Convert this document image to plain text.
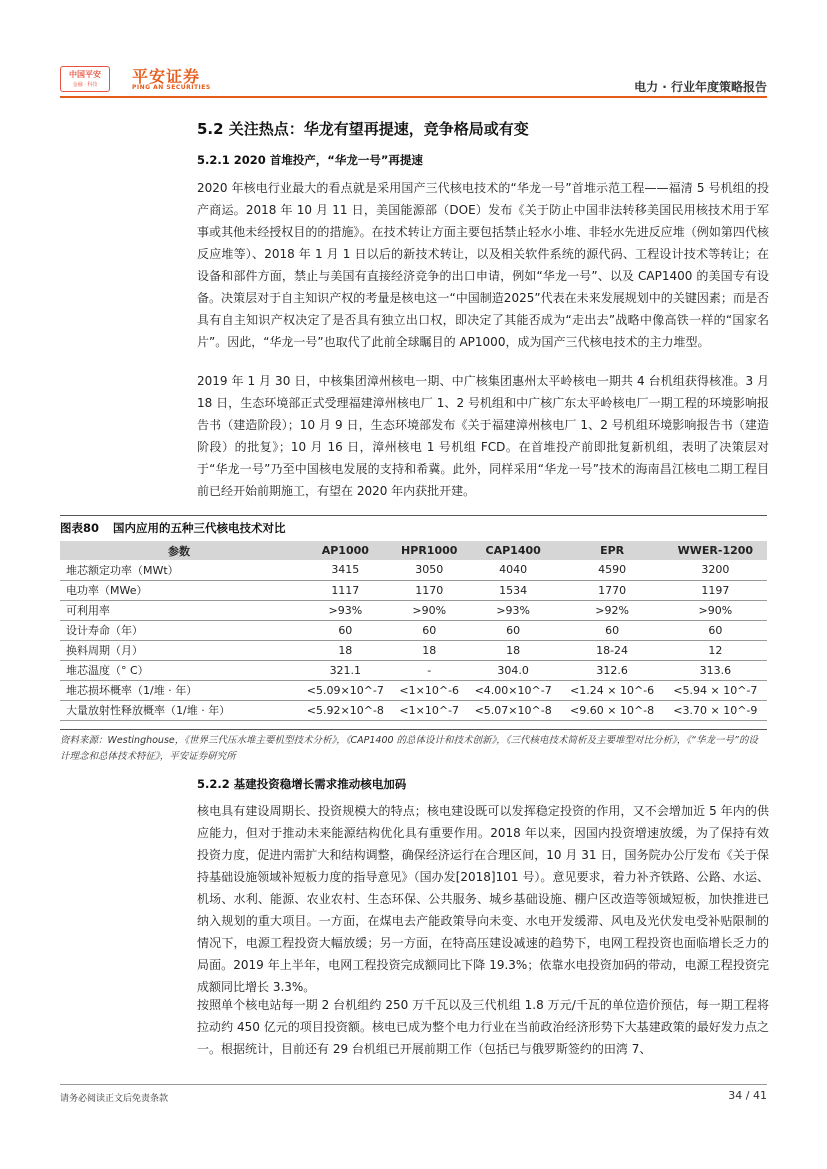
中国平安
金融 · 科技	平安证券
PING AN SECURITIES	电力 · 行业年度策略报告
5.2 关注热点：华龙有望再提速，竞争格局或有变
5.2.1 2020 首堆投产，“华龙一号”再提速
2020 年核电行业最大的看点就是采用国产三代核电技术的“华龙一号”首堆示范工程——福清 5 号机组的投产商运。2018 年 10 月 11 日，美国能源部（DOE）发布《关于防止中国非法转移美国民用核技术用于军事或其他未经授权目的的措施》。在技术转让方面主要包括禁止轻水小堆、非轻水先进反应堆（例如第四代核反应堆等）、2018 年 1 月 1 日以后的新技术转让，以及相关软件系统的源代码、工程设计技术等转让；在设备和部件方面，禁止与美国有直接经济竞争的出口申请，例如“华龙一号”、以及 CAP1400 的美国专有设备。决策层对于自主知识产权的考量是核电这一“中国制造2025”代表在未来发展规划中的关键因素；而是否具有自主知识产权决定了是否具有独立出口权，即决定了其能否成为“走出去”战略中像高铁一样的“国家名片”。因此，“华龙一号”也取代了此前全球瞩目的 AP1000，成为国产三代核电技术的主力堆型。
2019 年 1 月 30 日，中核集团漳州核电一期、中广核集团惠州太平岭核电一期共 4 台机组获得核准。3 月 18 日，生态环境部正式受理福建漳州核电厂 1、2 号机组和中广核广东太平岭核电厂一期工程的环境影响报告书（建造阶段）；10 月 9 日，生态环境部发布《关于福建漳州核电厂 1、2 号机组环境影响报告书（建造阶段）的批复》；10 月 16 日，漳州核电 1 号机组 FCD。在首堆投产前即批复新机组，表明了决策层对于“华龙一号”乃至中国核电发展的支持和希冀。此外，同样采用“华龙一号”技术的海南昌江核电二期工程目前已经开始前期施工，有望在 2020 年内获批开建。
图表80 国内应用的五种三代核电技术对比
参数	AP1000	HPR1000	CAP1400	EPR	WWER-1200
堆芯额定功率（MWt）	3415	3050	4040	4590	3200
电功率（MWe）	1117	1170	1534	1770	1197
可利用率	>93%	>90%	>93%	>92%	>90%
设计寿命（年）	60	60	60	60	60
换料周期（月）	18	18	18	18-24	12
堆芯温度（° C）	321.1	-	304.0	312.6	313.6
堆芯损坏概率（1/堆 · 年）	<5.09×10^-7	<1×10^-6	<4.00×10^-7	<1.24 × 10^-6	<5.94 × 10^-7
大量放射性释放概率（1/堆 · 年）	<5.92×10^-8	<1×10^-7	<5.07×10^-8	<9.60 × 10^-8	<3.70 × 10^-9
资料来源：Westinghouse，《世界三代压水堆主要机型技术分析》，《CAP1400 的总体设计和技术创新》，《三代核电技术简析及主要堆型对比分析》，《“华龙一号”的设计理念和总体技术特征》，平安证券研究所
5.2.2 基建投资稳增长需求推动核电加码
核电具有建设周期长、投资规模大的特点；核电建设既可以发挥稳定投资的作用，又不会增加近 5 年内的供应能力，但对于推动未来能源结构优化具有重要作用。2018 年以来，因国内投资增速放缓，为了保持有效投资力度，促进内需扩大和结构调整，确保经济运行在合理区间，10 月 31 日，国务院办公厅发布《关于保持基础设施领域补短板力度的指导意见》（国办发[2018]101 号）。意见要求，着力补齐铁路、公路、水运、机场、水利、能源、农业农村、生态环保、公共服务、城乡基础设施、棚户区改造等领域短板，加快推进已纳入规划的重大项目。一方面，在煤电去产能政策导向未变、水电开发缓滞、风电及光伏发电受补贴限制的情况下，电源工程投资大幅放缓；另一方面，在特高压建设减速的趋势下，电网工程投资也面临增长乏力的局面。2019 年上半年，电网工程投资完成额同比下降 19.3%；依靠水电投资加码的带动，电源工程投资完成额同比增长 3.3%。
按照单个核电站每一期 2 台机组约 250 万千瓦以及三代机组 1.8 万元/千瓦的单位造价预估，每一期工程将拉动约 450 亿元的项目投资额。核电已成为整个电力行业在当前政治经济形势下大基建政策的最好发力点之一。根据统计，目前还有 29 台机组已开展前期工作（包括已与俄罗斯签约的田湾 7、
请务必阅读正文后免责条款	34 / 41
